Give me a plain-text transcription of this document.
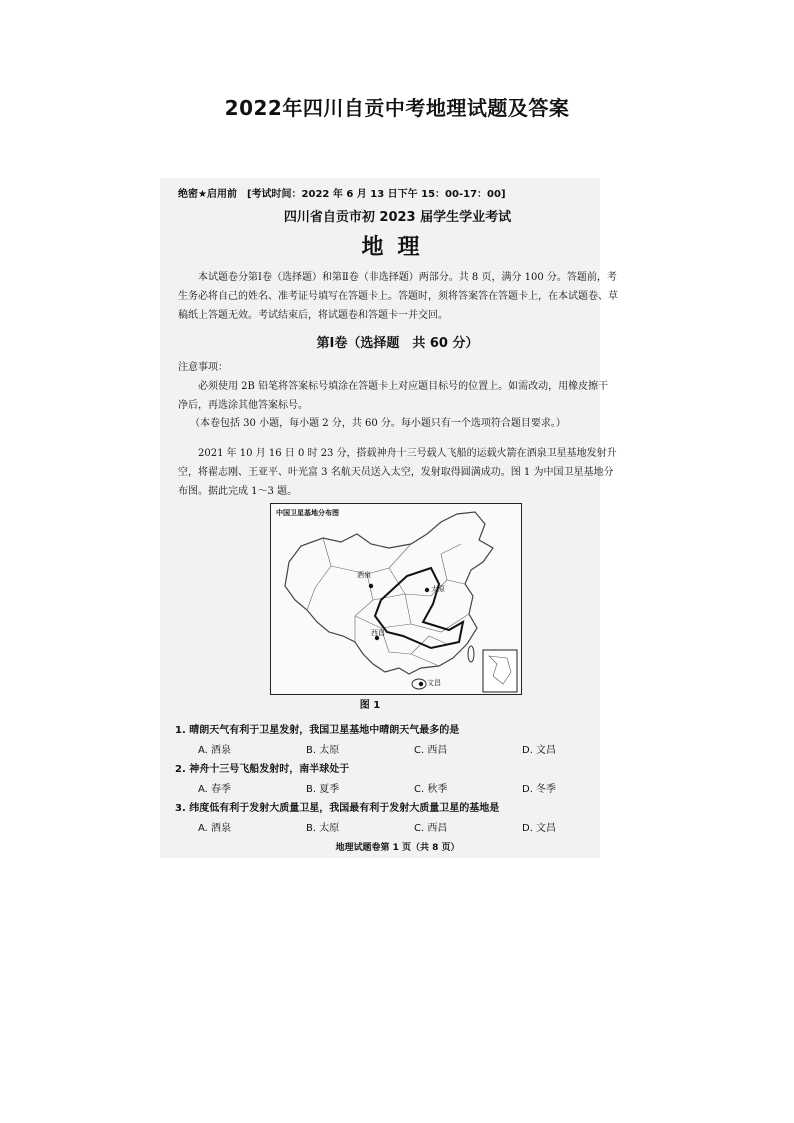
2022年四川自贡中考地理试题及答案
绝密★启用前　[考试时间：2022 年 6 月 13 日下午 15：00-17：00]
四川省自贡市初 2023 届学生学业考试
地理

本试题卷分第Ⅰ卷（选择题）和第Ⅱ卷（非选择题）两部分。共 8 页，满分 100 分。答题前，考生务必将自己的姓名、准考证号填写在答题卡上。答题时，须将答案答在答题卡上，在本试题卷、草稿纸上答题无效。考试结束后，将试题卷和答题卡一并交回。

第Ⅰ卷（选择题　共 60 分）
注意事项：

必须使用 2B 铅笔将答案标号填涂在答题卡上对应题目标号的位置上。如需改动，用橡皮擦干净后，再选涂其他答案标号。

（本卷包括 30 小题，每小题 2 分，共 60 分。每小题只有一个选项符合题目要求。）

2021 年 10 月 16 日 0 时 23 分，搭载神舟十三号载人飞船的运载火箭在酒泉卫星基地发射升空，将翟志刚、王亚平、叶光富 3 名航天员送入太空，发射取得圆满成功。图 1 为中国卫星基地分布图。据此完成 1～3 题。

中国卫星基地分布图
酒泉
太原
西昌
文昌
图 1
1. 晴朗天气有利于卫星发射，我国卫星基地中晴朗天气最多的是
A. 酒泉	B. 太原	C. 西昌	D. 文昌
2. 神舟十三号飞船发射时，南半球处于
A. 春季	B. 夏季	C. 秋季	D. 冬季
3. 纬度低有利于发射大质量卫星，我国最有利于发射大质量卫星的基地是
A. 酒泉	B. 太原	C. 西昌	D. 文昌
地理试题卷第 1 页（共 8 页）
